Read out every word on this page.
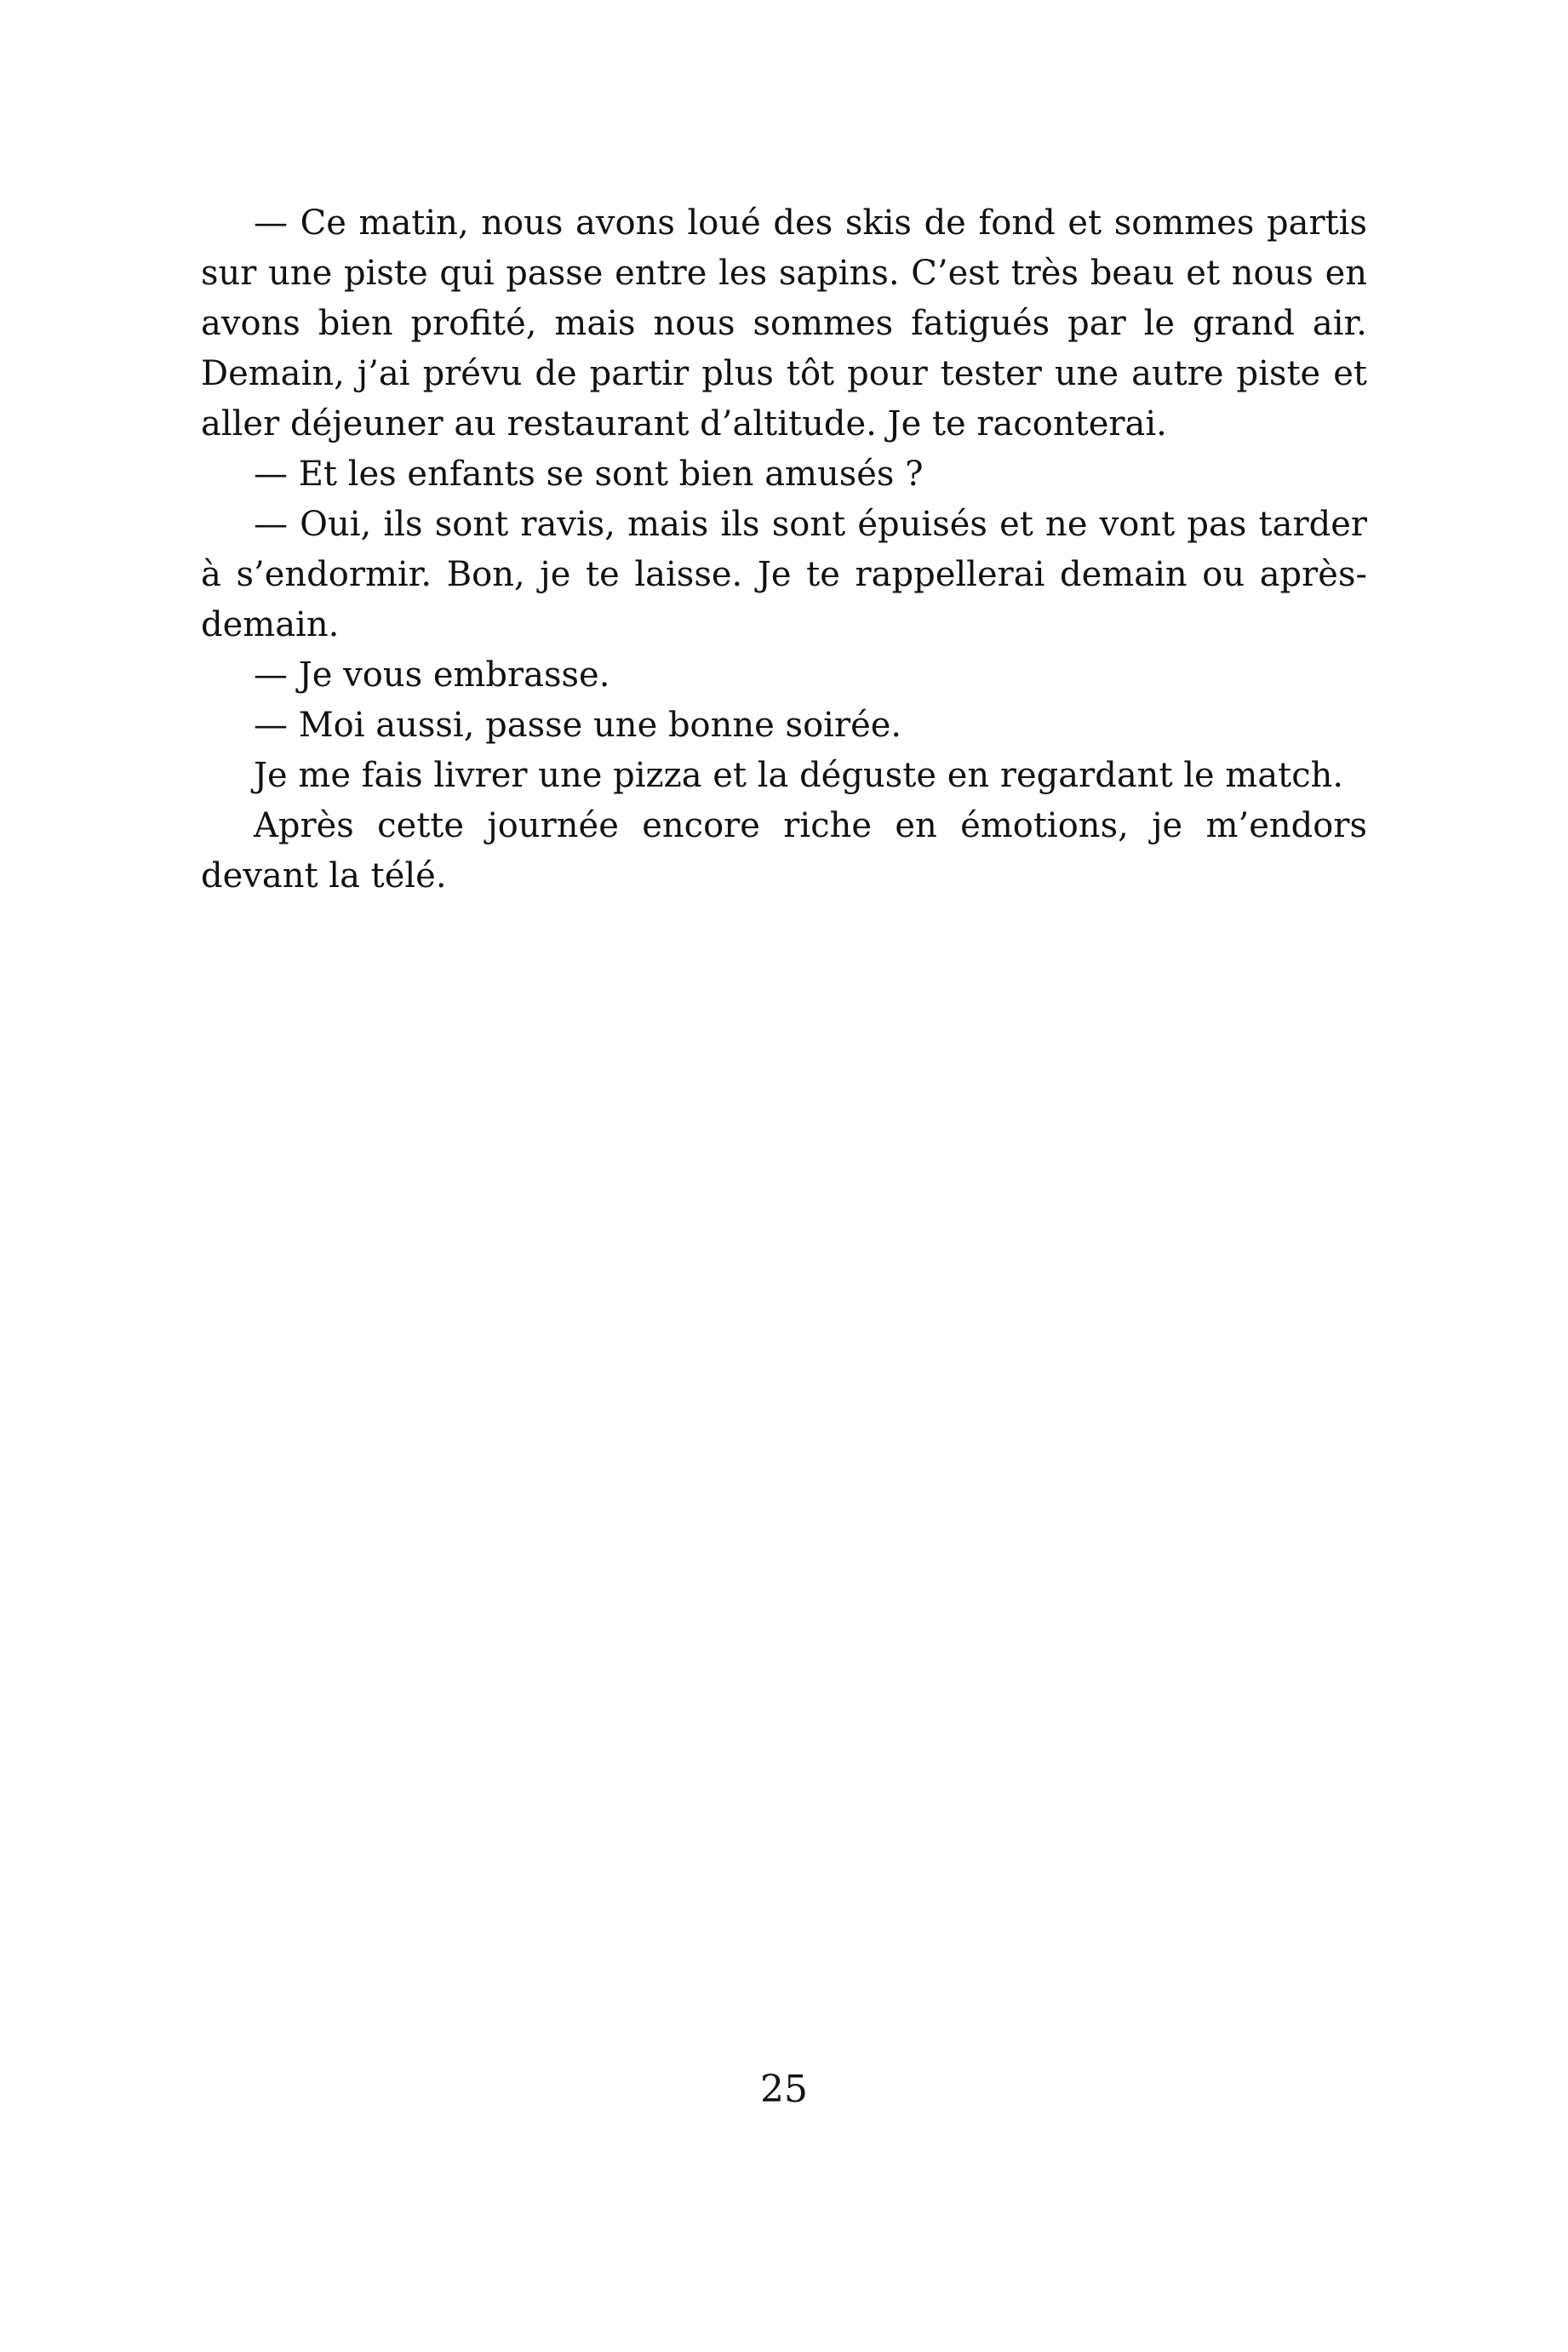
— Ce matin, nous avons loué des skis de fond et sommes partis sur une piste qui passe entre les sapins. C’est très beau et nous en avons bien profité, mais nous sommes fatigués par le grand air. Demain, j’ai prévu de partir plus tôt pour tester une autre piste et aller déjeuner au restaurant d’altitude. Je te raconterai.

— Et les enfants se sont bien amusés ?

— Oui, ils sont ravis, mais ils sont épuisés et ne vont pas tarder à s’endormir. Bon, je te laisse. Je te rappellerai demain ou après-demain.

— Je vous embrasse.

— Moi aussi, passe une bonne soirée.

Je me fais livrer une pizza et la déguste en regardant le match.

Après cette journée encore riche en émotions, je m’endors devant la télé.

25
